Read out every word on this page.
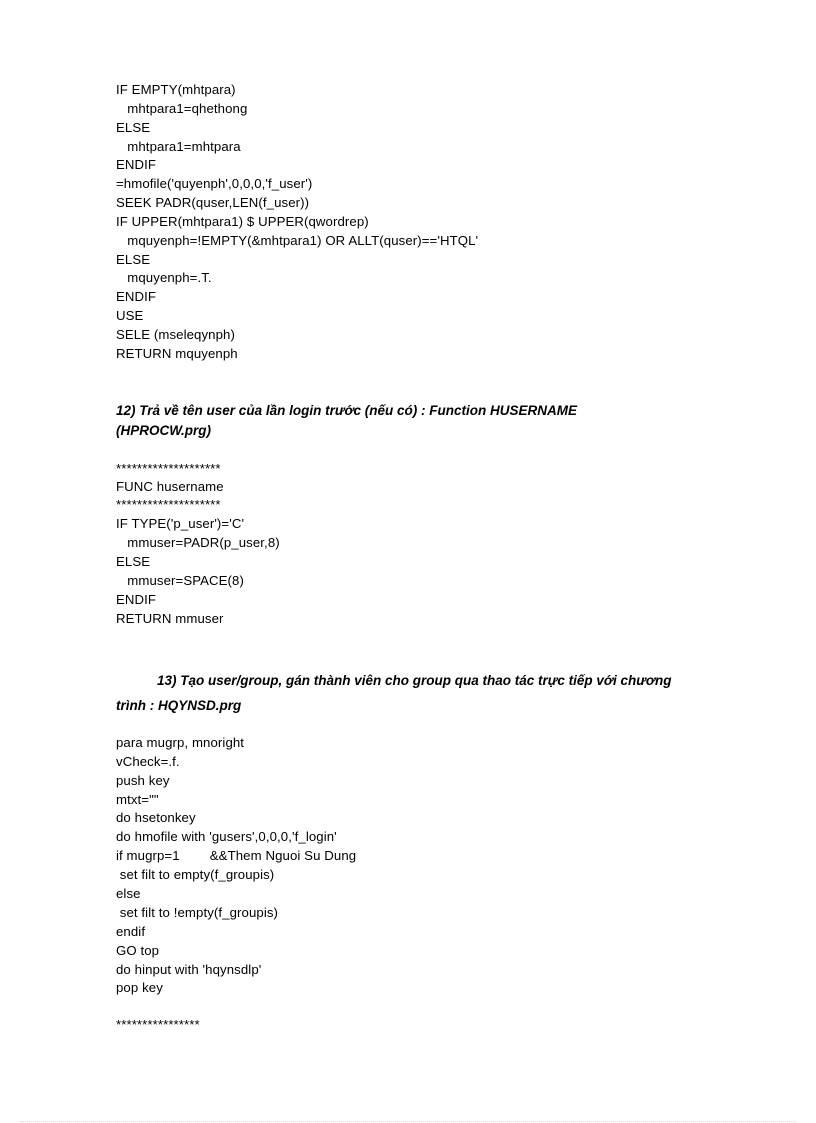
IF EMPTY(mhtpara)
mhtpara1=qhethong
ELSE
mhtpara1=mhtpara
ENDIF
=hmofile('quyenph',0,0,0,'f_user')
SEEK PADR(quser,LEN(f_user))
IF UPPER(mhtpara1) $ UPPER(qwordrep)
mquyenph=!EMPTY(&mhtpara1) OR ALLT(quser)=='HTQL'
ELSE
mquyenph=.T.
ENDIF
USE
SELE (mseleqynph)
RETURN mquyenph
12) Trả về tên user của lần login trước (nếu có) : Function HUSERNAME
(HPROCW.prg)
********************
FUNC husername
********************
IF TYPE('p_user')='C'
mmuser=PADR(p_user,8)
ELSE
mmuser=SPACE(8)
ENDIF
RETURN mmuser
13) Tạo user/group, gán thành viên cho group qua thao tác trực tiếp với chương
trình : HQYNSD.prg
para mugrp, mnoright
vCheck=.f.
push key
mtxt=""
do hsetonkey
do hmofile with 'gusers',0,0,0,'f_login'
if mugrp=1        &&Them Nguoi Su Dung
set filt to empty(f_groupis)
else
set filt to !empty(f_groupis)
endif
GO top
do hinput with 'hqynsdlp'
pop key
****************
